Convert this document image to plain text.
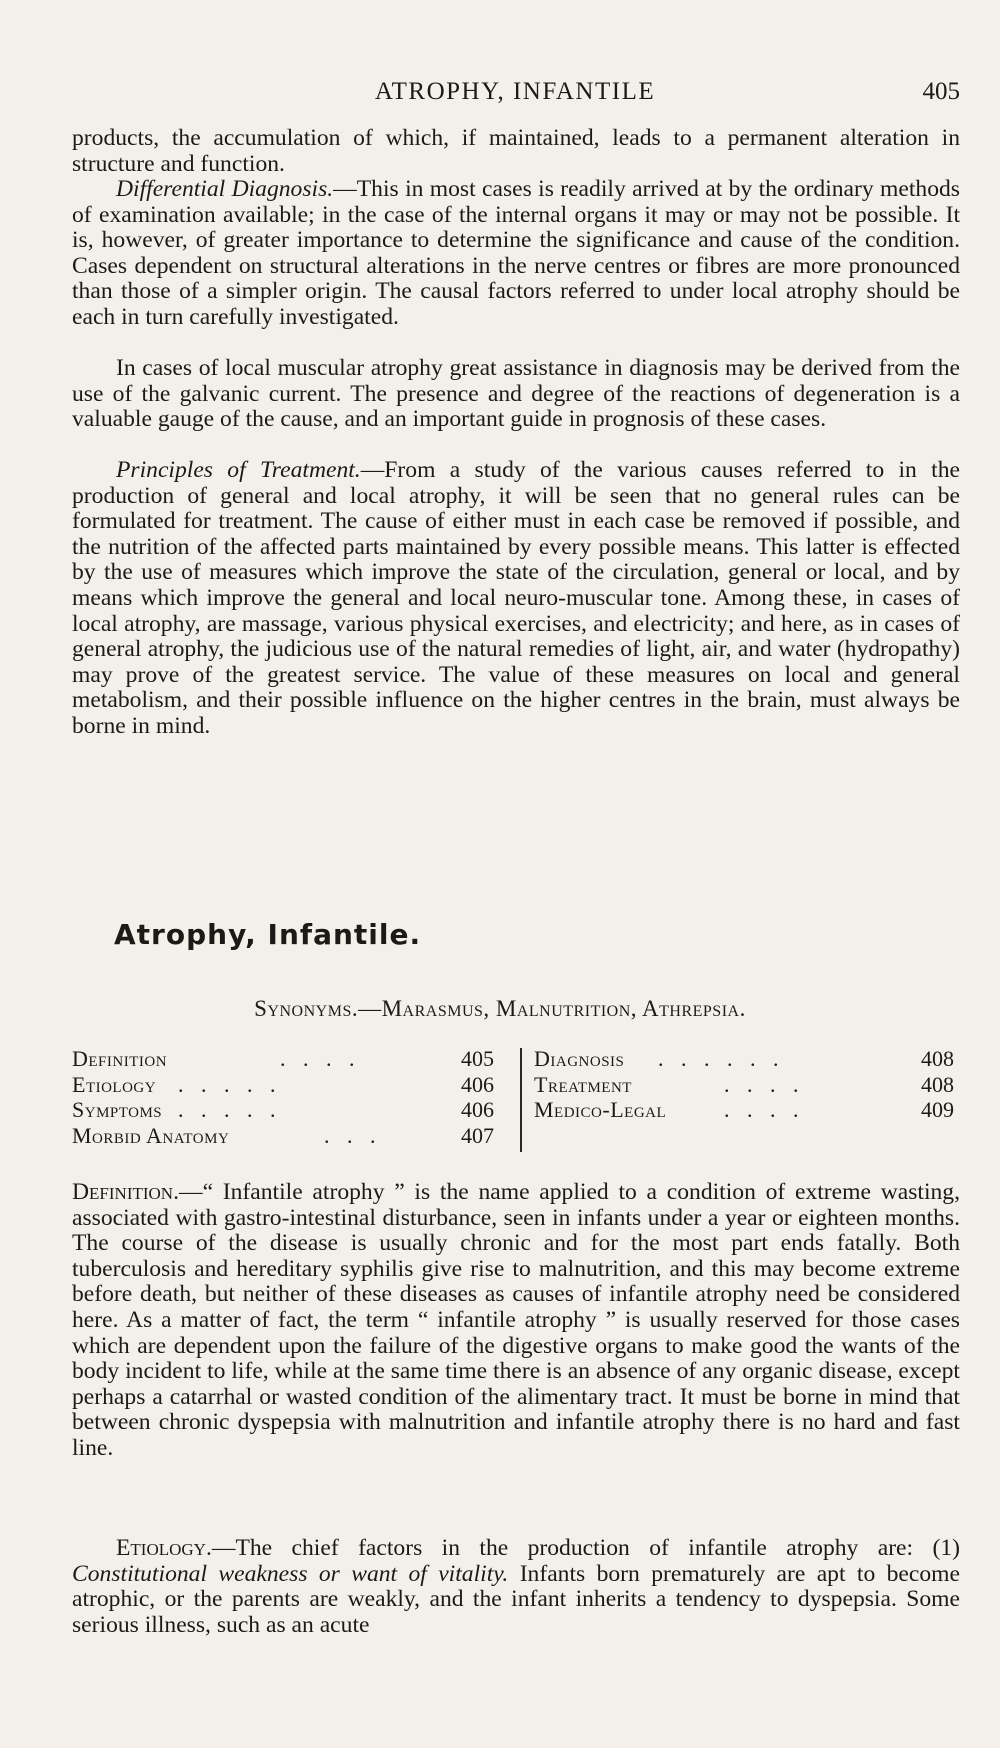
ATROPHY, INFANTILE	405
products, the accumulation of which, if maintained, leads to a permanent alteration in structure and function.
Differential Diagnosis.—This in most cases is readily arrived at by the ordinary methods of examination available; in the case of the internal organs it may or may not be possible. It is, however, of greater importance to determine the significance and cause of the condition. Cases dependent on structural alterations in the nerve centres or fibres are more pronounced than those of a simpler origin. The causal factors referred to under local atrophy should be each in turn carefully investigated.
In cases of local muscular atrophy great assistance in diagnosis may be derived from the use of the galvanic current. The presence and degree of the reactions of degeneration is a valuable gauge of the cause, and an important guide in prognosis of these cases.
Principles of Treatment.—From a study of the various causes referred to in the production of general and local atrophy, it will be seen that no general rules can be formulated for treatment. The cause of either must in each case be removed if possible, and the nutrition of the affected parts maintained by every possible means. This latter is effected by the use of measures which improve the state of the circulation, general or local, and by means which improve the general and local neuro-muscular tone. Among these, in cases of local atrophy, are massage, various physical exercises, and electricity; and here, as in cases of general atrophy, the judicious use of the natural remedies of light, air, and water (hydropathy) may prove of the greatest service. The value of these measures on local and general metabolism, and their possible influence on the higher centres in the brain, must always be borne in mind.
Atrophy, Infantile.
Synonyms.—Marasmus, Malnutrition, Athrepsia.
Definition	. . . .	405
Etiology . . . . .	406
Symptoms . . . . .	406
Morbid Anatomy	. . .	407
Diagnosis . . . . . .	408
Treatment	. . . .	408
Medico-Legal	. . . .	409
Definition.—“ Infantile atrophy ” is the name applied to a condition of extreme wasting, associated with gastro-intestinal disturbance, seen in infants under a year or eighteen months. The course of the disease is usually chronic and for the most part ends fatally. Both tuberculosis and hereditary syphilis give rise to malnutrition, and this may become extreme before death, but neither of these diseases as causes of infantile atrophy need be considered here. As a matter of fact, the term “ infantile atrophy ” is usually reserved for those cases which are dependent upon the failure of the digestive organs to make good the wants of the body incident to life, while at the same time there is an absence of any organic disease, except perhaps a catarrhal or wasted condition of the alimentary tract. It must be borne in mind that between chronic dyspepsia with malnutrition and infantile atrophy there is no hard and fast line.
Etiology.—The chief factors in the production of infantile atrophy are: (1) Constitutional weakness or want of vitality. Infants born prematurely are apt to become atrophic, or the parents are weakly, and the infant inherits a tendency to dyspepsia. Some serious illness, such as an acute
